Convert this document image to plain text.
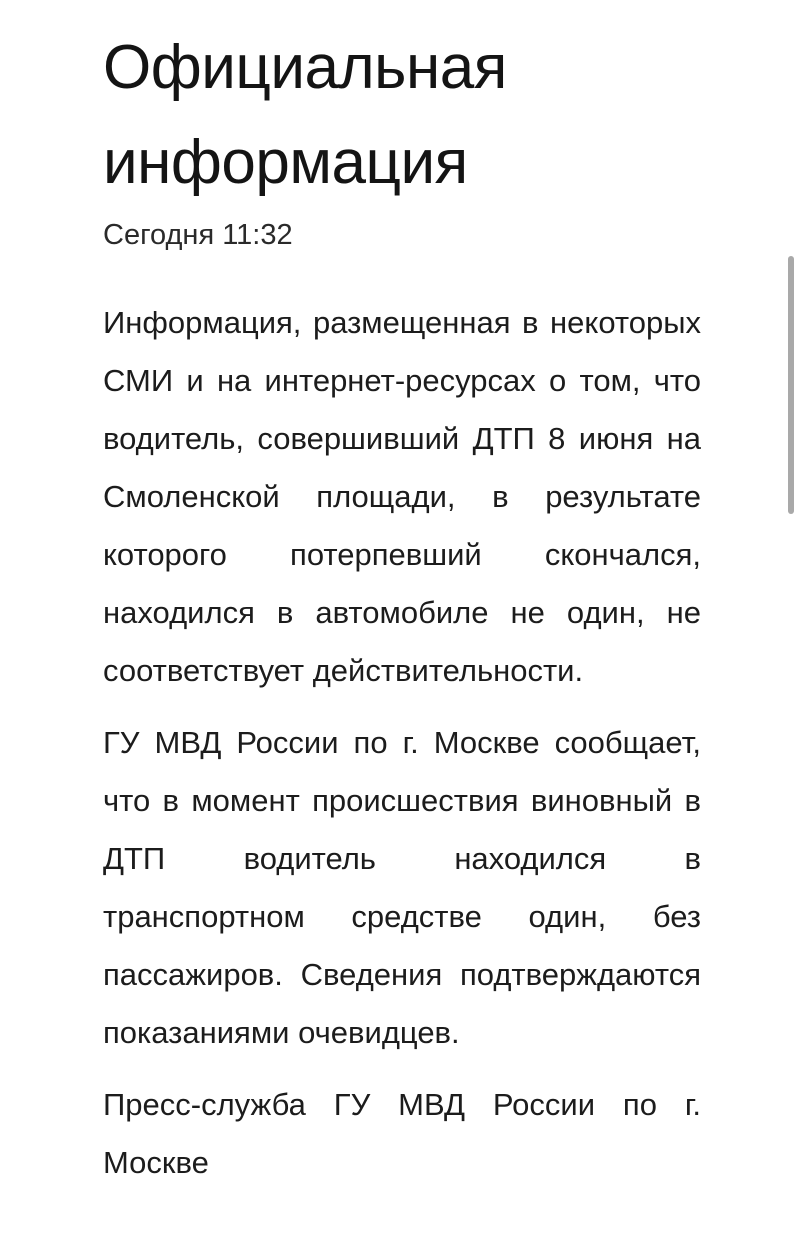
Официальная информация
Сегодня 11:32

Информация, размещенная в некоторых СМИ и на интернет-ресурсах о том, что водитель, совершивший ДТП 8 июня на Смоленской площади, в результате которого потерпевший скончался, находился в автомобиле не один, не соответствует действительности.

ГУ МВД России по г. Москве сообщает, что в момент происшествия виновный в ДТП водитель находился в транспортном средстве один, без пассажиров. Сведения подтверждаются показаниями очевидцев.

Пресс-служба ГУ МВД России по г. Москве
